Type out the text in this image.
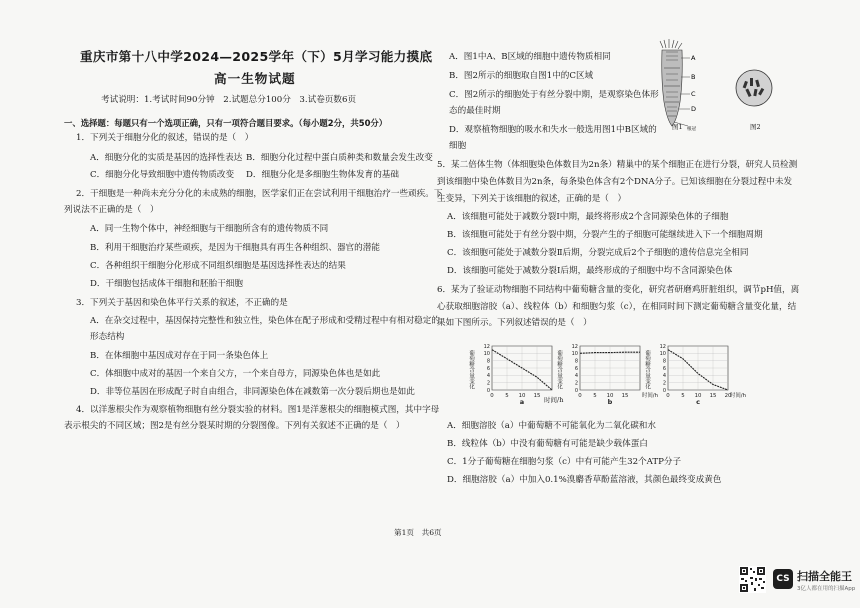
重庆市第十八中学2024—2025学年（下）5月学习能力摸底
高一生物试题
考试说明：1.考试时间90分钟　2.试题总分100分　3.试卷页数6页
一、选择题：每题只有一个选项正确，只有一项符合题目要求。（每小题2分，共50分）
1．下列关于细胞分化的叙述，错误的是（　）
A．细胞分化的实质是基因的选择性表达 B．细胞分化过程中蛋白质种类和数量会发生改变
C．细胞分化导致细胞中遗传物质改变 D．细胞分化是多细胞生物体发育的基础
2．干细胞是一种尚未充分分化的未成熟的细胞，医学家们正在尝试利用干细胞治疗一些顽疾。下
列说法不正确的是（　）
A．同一生物个体中，神经细胞与干细胞所含有的遗传物质不同
B．利用干细胞治疗某些顽疾，是因为干细胞具有再生各种组织、器官的潜能
C．各种组织干细胞分化形成不同组织细胞是基因选择性表达的结果
D．干细胞包括成体干细胞和胚胎干细胞
3．下列关于基因和染色体平行关系的叙述，不正确的是
A．在杂交过程中，基因保持完整性和独立性，染色体在配子形成和受精过程中有相对稳定的
形态结构
B．在体细胞中基因成对存在于同一条染色体上
C．体细胞中成对的基因一个来自父方，一个来自母方，同源染色体也是如此
D．非等位基因在形成配子时自由组合，非同源染色体在减数第一次分裂后期也是如此
4．以洋葱根尖作为观察植物细胞有丝分裂实验的材料。图1是洋葱根尖的细胞模式图，其中字母
表示根尖的不同区域；图2是有丝分裂某时期的分裂图像。下列有关叙述不正确的是（　）
A．图1中A、B区域的细胞中遗传物质相同
B．图2所示的细胞取自图1中的C区域
C．图2所示的细胞处于有丝分裂中期，是观察染色体形
态的最佳时期
D．观察植物细胞的吸水和失水一般选用图1中B区域的
细胞
A
B
C
D
根冠
图1	图2
5．某二倍体生物（体细胞染色体数目为2n条）精巢中的某个细胞正在进行分裂，研究人员检测
到该细胞中染色体数目为2n条，每条染色体含有2个DNA分子。已知该细胞在分裂过程中未发
生变异，下列关于该细胞的叙述，正确的是（　）
A．该细胞可能处于减数分裂Ⅰ中期，最终将形成2个含同源染色体的子细胞
B．该细胞可能处于有丝分裂中期，分裂产生的子细胞可能继续进入下一个细胞周期
C．该细胞可能处于减数分裂Ⅱ后期，分裂完成后2个子细胞的遗传信息完全相同
D．该细胞可能处于减数分裂Ⅰ后期，最终形成的子细胞中均不含同源染色体
6．某为了验证动物细胞不同结构中葡萄糖含量的变化，研究者研磨鸡肝脏组织，调节pH值，离
心获取细胞溶胶（a）、线粒体（b）和细胞匀浆（c），在相同时间下测定葡萄糖含量变化量，结
果如下图所示。下列叙述错误的是（　）
葡萄糖含量变化
12
10
8
6
4
2
0
0 5 10 15
a
葡萄糖含量变化
12
10
8
6
4
2
0
0 5 10 15	时间/h
b
葡萄糖含量变化
12
10
8
6
4
2
0
0 5 10 15 20
时间/h
c
时间/h
A．细胞溶胶（a）中葡萄糖不可能氧化为二氧化碳和水
B．线粒体（b）中没有葡萄糖有可能是缺少载体蛋白
C．1分子葡萄糖在细胞匀浆（c）中有可能产生32个ATP分子
D．细胞溶胶（a）中加入0.1%溴麝香草酚蓝溶液，其颜色最终变成黄色
第1页　共6页
CS 扫描全能王
3亿人都在用的扫描App
